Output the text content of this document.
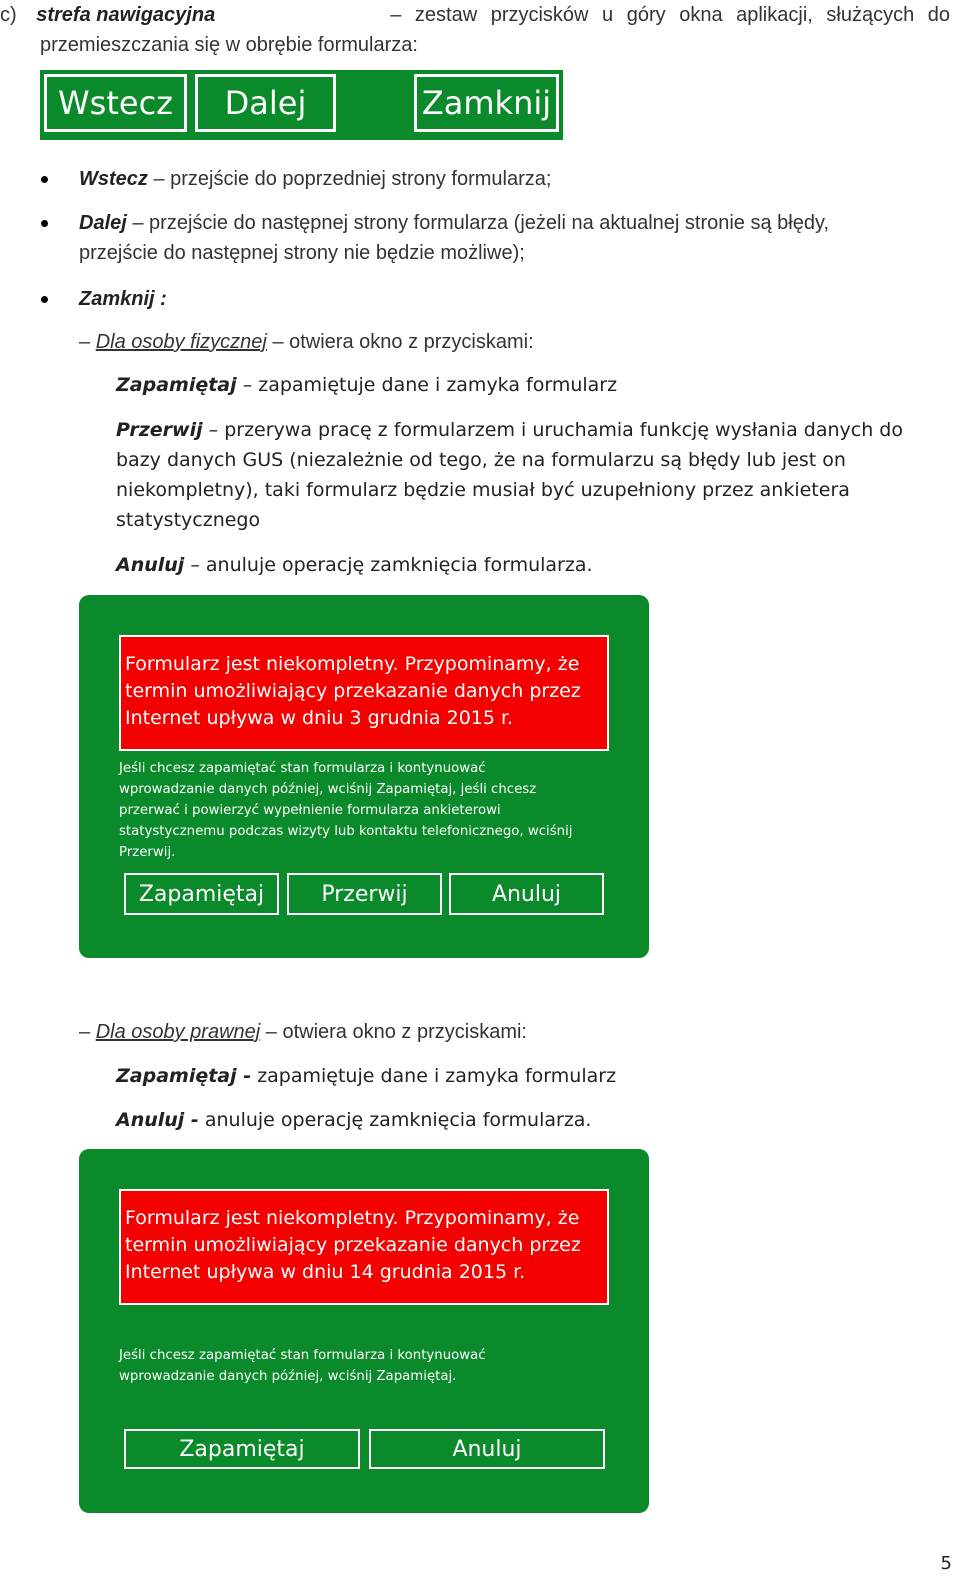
c) strefa nawigacyjna	– zestaw przycisków u góry okna aplikacji, służących do
przemieszczania się w obrębie formularza:
Wstecz	Dalej	Zamknij
Wstecz – przejście do poprzedniej strony formularza;
Dalej – przejście do następnej strony formularza (jeżeli na aktualnej stronie są błędy,
przejście do następnej strony nie będzie możliwe);
Zamknij :
– Dla osoby fizycznej – otwiera okno z przyciskami:
Zapamiętaj – zapamiętuje dane i zamyka formularz
Przerwij – przerywa pracę z formularzem i uruchamia funkcję wysłania danych do
bazy danych GUS (niezależnie od tego, że na formularzu są błędy lub jest on
niekompletny), taki formularz będzie musiał być uzupełniony przez ankietera
statystycznego
Anuluj – anuluje operację zamknięcia formularza.
Formularz jest niekompletny. Przypominamy, że
termin umożliwiający przekazanie danych przez
Internet upływa w dniu 3 grudnia 2015 r.
Jeśli chcesz zapamiętać stan formularza i kontynuować
wprowadzanie danych później, wciśnij Zapamiętaj, jeśli chcesz
przerwać i powierzyć wypełnienie formularza ankieterowi
statystycznemu podczas wizyty lub kontaktu telefonicznego, wciśnij
Przerwij.
Zapamiętaj	Przerwij	Anuluj
– Dla osoby prawnej – otwiera okno z przyciskami:
Zapamiętaj - zapamiętuje dane i zamyka formularz
Anuluj - anuluje operację zamknięcia formularza.
Formularz jest niekompletny. Przypominamy, że
termin umożliwiający przekazanie danych przez
Internet upływa w dniu 14 grudnia 2015 r.
Jeśli chcesz zapamiętać stan formularza i kontynuować
wprowadzanie danych później, wciśnij Zapamiętaj.
Zapamiętaj	Anuluj
5
